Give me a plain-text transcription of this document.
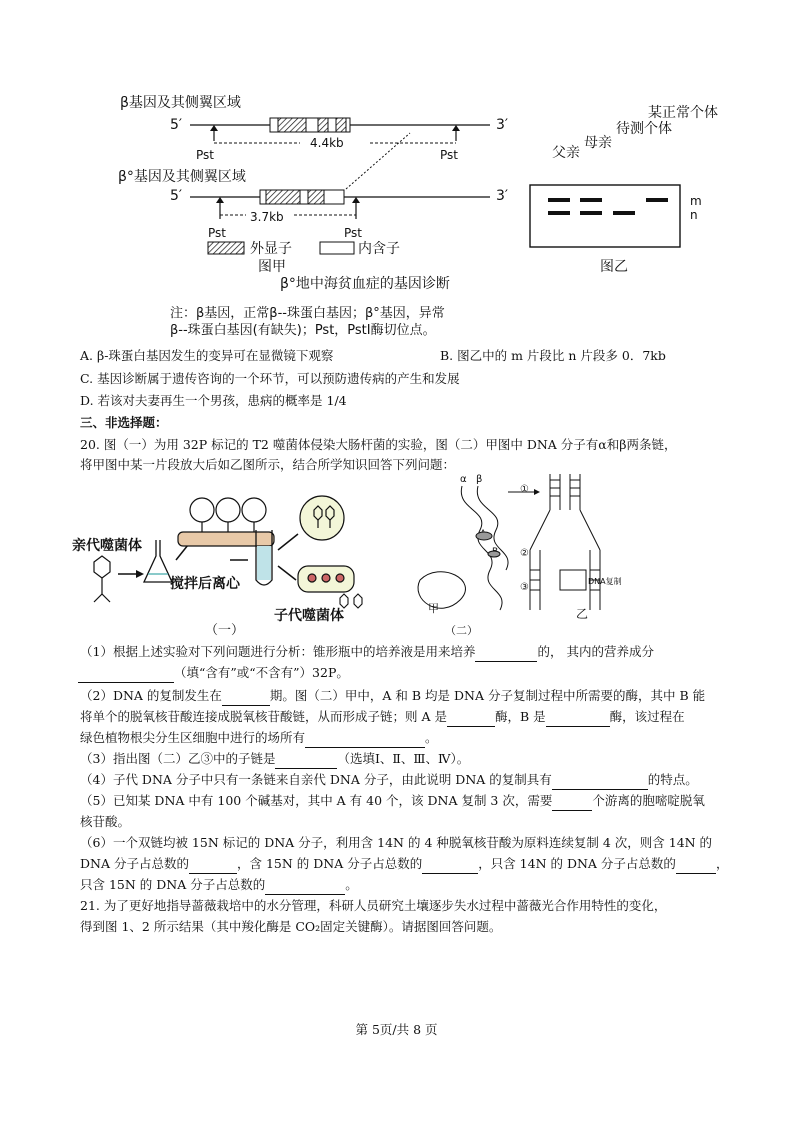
β基因及其侧翼区域
5′	3′
β°基因及其侧翼区域
5′	3′
Pst	Pst
4.4kb
3.7kb
Pst	Pst
外显子	内含子
图甲	图乙
β°地中海贫血症的基因诊断
注：β基因，正常β--珠蛋白基因；β°基因，异常
β--珠蛋白基因(有缺失)；Pst，PstⅠ酶切位点。
父亲
母亲
待测个体
某正常个体
m
n
A. β-珠蛋白基因发生的变异可在显微镜下观察	B. 图乙中的 m 片段比 n 片段多 0．7kb
C. 基因诊断属于遗传咨询的一个环节，可以预防遗传病的产生和发展
D. 若该对夫妻再生一个男孩，患病的概率是 1/4
三、非选择题：
20. 图（一）为用 32P 标记的 T2 噬菌体侵染大肠杆菌的实验，图（二）甲图中 DNA 分子有α和β两条链，
将甲图中某一片段放大后如乙图所示，结合所学知识回答下列问题：
亲代噬菌体
搅拌后离心
子代噬菌体
（一）	（二）
甲	乙
α β
①
②
③
DNA复制
（1）根据上述实验对下列问题进行分析：锥形瓶中的培养液是用来培养	的， 其内的营养成分
（填“含有”或“不含有”）32P。
（2）DNA 的复制发生在	期。图（二）甲中，A 和 B 均是 DNA 分子复制过程中所需要的酶，其中 B 能
将单个的脱氧核苷酸连接成脱氧核苷酸链，从而形成子链；则 A 是	酶，B 是	酶，该过程在
绿色植物根尖分生区细胞中进行的场所有	。
（3）指出图（二）乙③中的子链是	（选填Ⅰ、Ⅱ、Ⅲ、Ⅳ）。
（4）子代 DNA 分子中只有一条链来自亲代 DNA 分子，由此说明 DNA 的复制具有	的特点。
（5）已知某 DNA 中有 100 个碱基对，其中 A 有 40 个，该 DNA 复制 3 次，需要	个游离的胞嘧啶脱氧
核苷酸。
（6）一个双链均被 15N 标记的 DNA 分子，利用含 14N 的 4 种脱氧核苷酸为原料连续复制 4 次，则含 14N 的
DNA 分子占总数的	，含 15N 的 DNA 分子占总数的	，只含 14N 的 DNA 分子占总数的	，
只含 15N 的 DNA 分子占总数的	。
21. 为了更好地指导蔷薇栽培中的水分管理，科研人员研究土壤逐步失水过程中蔷薇光合作用特性的变化，
得到图 1、2 所示结果（其中羧化酶是 CO₂固定关键酶）。请据图回答问题。
第 5页/共 8 页
